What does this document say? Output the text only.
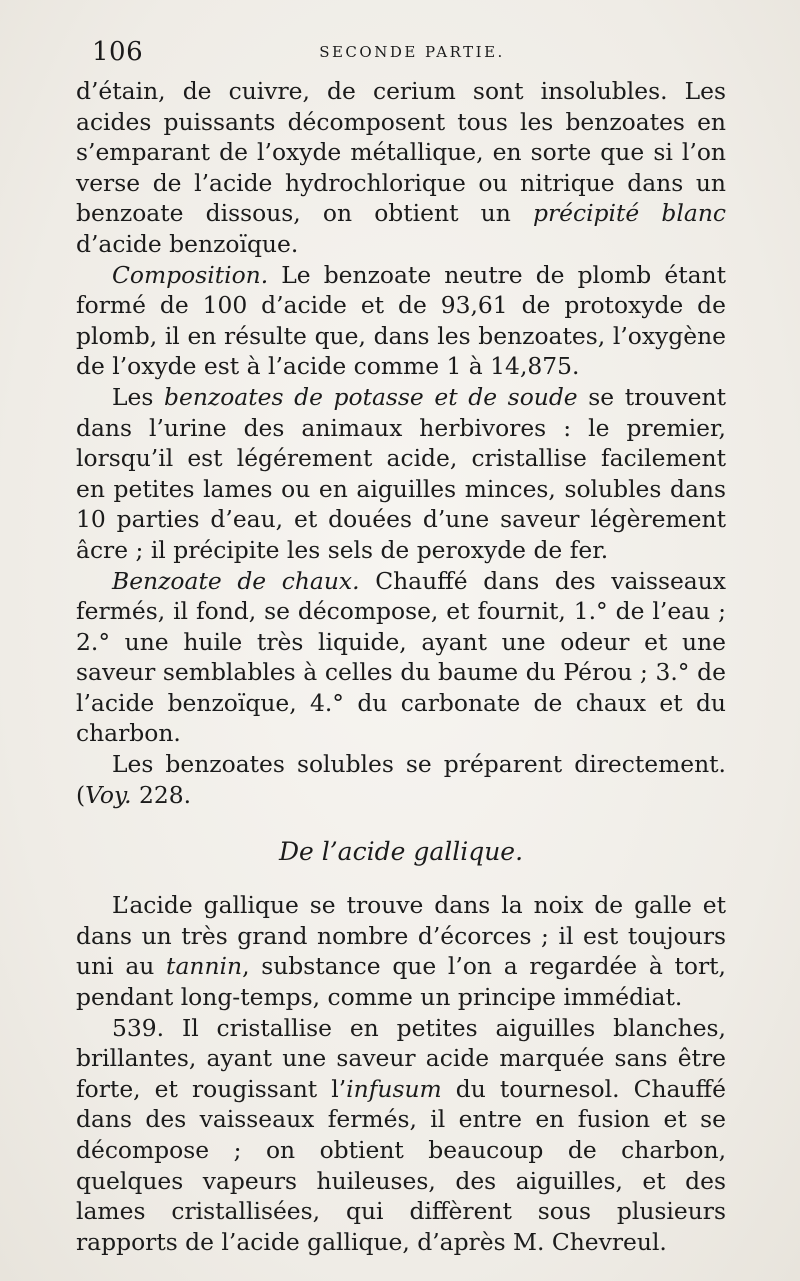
106	SECONDE PARTIE.

d’étain, de cuivre, de cerium sont insolubles. Les acides puissants décomposent tous les benzoates en s’emparant de l’oxyde métallique, en sorte que si l’on verse de l’acide hydrochlorique ou nitrique dans un benzoate dissous, on obtient un précipité blanc d’acide benzoïque.

Composition. Le benzoate neutre de plomb étant formé de 100 d’acide et de 93,61 de protoxyde de plomb, il en résulte que, dans les benzoates, l’oxygène de l’oxyde est à l’acide comme 1 à 14,875.

Les benzoates de potasse et de soude se trouvent dans l’urine des animaux herbivores : le premier, lorsqu’il est légérement acide, cristallise facilement en petites lames ou en aiguilles minces, solubles dans 10 parties d’eau, et douées d’une saveur légèrement âcre ; il précipite les sels de peroxyde de fer.

Benzoate de chaux. Chauffé dans des vaisseaux fermés, il fond, se décompose, et fournit, 1.° de l’eau ; 2.° une huile très liquide, ayant une odeur et une saveur semblables à celles du baume du Pérou ; 3.° de l’acide benzoïque, 4.° du carbonate de chaux et du charbon.

Les benzoates solubles se préparent directement. (Voy. 228.

De l’acide gallique.

L’acide gallique se trouve dans la noix de galle et dans un très grand nombre d’écorces ; il est toujours uni au tannin, substance que l’on a regardée à tort, pendant long-temps, comme un principe immédiat.

539. Il cristallise en petites aiguilles blanches, brillantes, ayant une saveur acide marquée sans être forte, et rougissant l’infusum du tournesol. Chauffé dans des vaisseaux fermés, il entre en fusion et se décompose ; on obtient beaucoup de charbon, quelques vapeurs huileuses, des aiguilles, et des lames cristallisées, qui diffèrent sous plusieurs rapports de l’acide gallique, d’après M. Chevreul.
